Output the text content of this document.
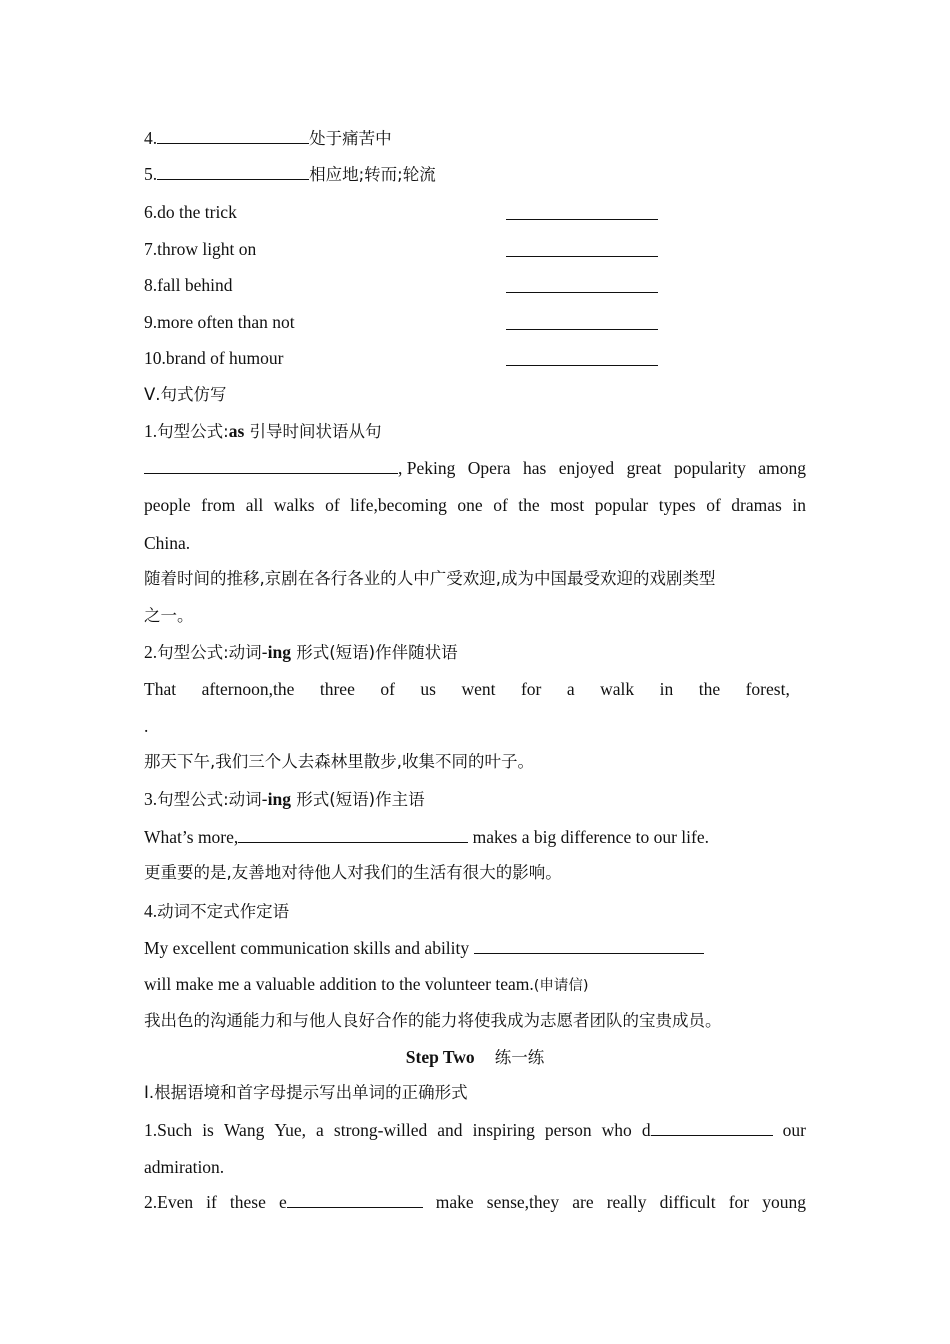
4.	处于痛苦中
5.	相应地;转而;轮流
6.do the trick
7.throw light on
8.fall behind
9.more often than not
10.brand of humour
Ⅴ.句式仿写
1.句型公式:as 引导时间状语从句
, Peking Opera has enjoyed great popularity among
people from all walks of life,becoming one of the most popular types of dramas in
China.
随着时间的推移,京剧在各行各业的人中广受欢迎,成为中国最受欢迎的戏剧类型
之一。
2.句型公式:动词-ing 形式(短语)作伴随状语
That afternoon,the three of us went for a walk in the forest,
.
那天下午,我们三个人去森林里散步,收集不同的叶子。
3.句型公式:动词-ing 形式(短语)作主语
What’s more,	makes a big difference to our life.
更重要的是,友善地对待他人对我们的生活有很大的影响。
4.动词不定式作定语
My excellent communication skills and ability
will make me a valuable addition to the volunteer team.(申请信)
我出色的沟通能力和与他人良好合作的能力将使我成为志愿者团队的宝贵成员。
Step Two 练一练
Ⅰ.根据语境和首字母提示写出单词的正确形式
1.Such is Wang Yue, a strong-willed and inspiring person who d	our
admiration.
2.Even if these e	make sense,they are really difficult for young
